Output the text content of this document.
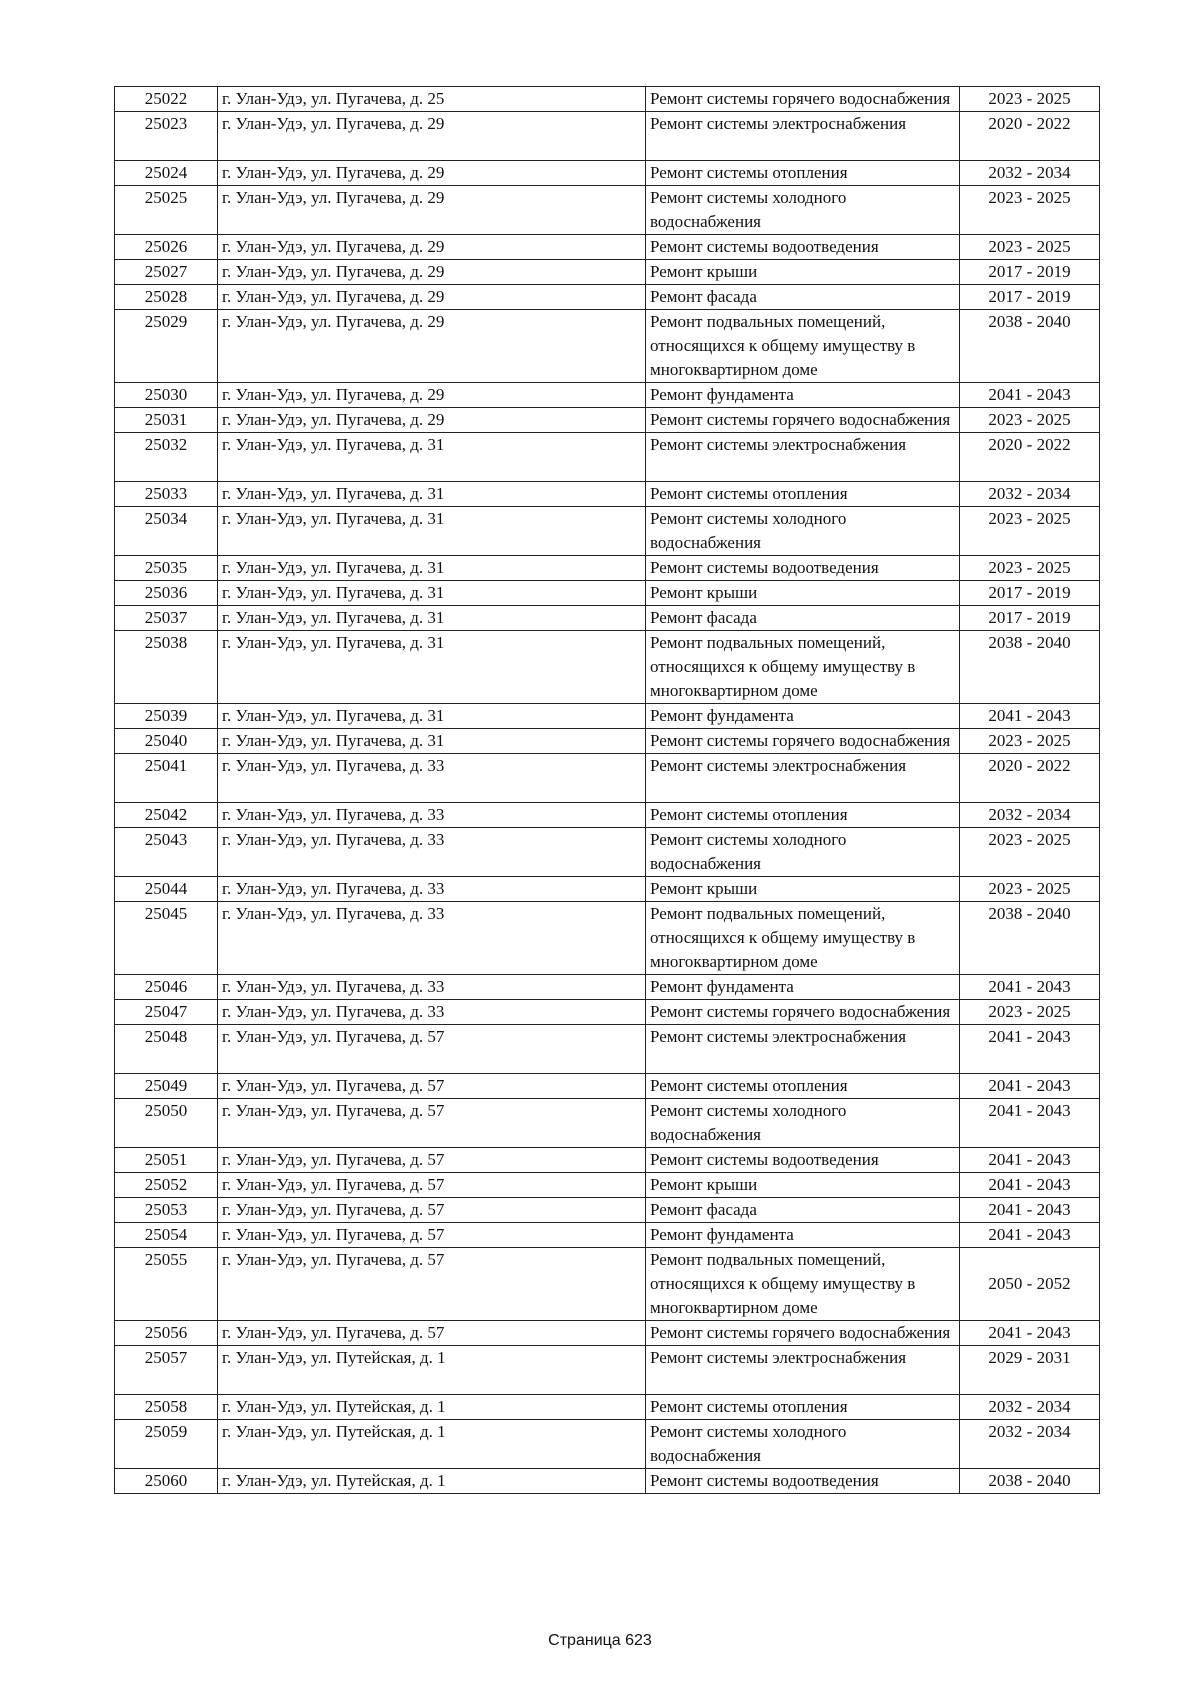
25022	г. Улан-Удэ, ул. Пугачева, д. 25	Ремонт системы горячего водоснабжения	2023 - 2025
25023	г. Улан-Удэ, ул. Пугачева, д. 29	Ремонт системы электроснабжения	2020 - 2022
25024	г. Улан-Удэ, ул. Пугачева, д. 29	Ремонт системы отопления	2032 - 2034
25025	г. Улан-Удэ, ул. Пугачева, д. 29	Ремонт системы холодного водоснабжения	2023 - 2025
25026	г. Улан-Удэ, ул. Пугачева, д. 29	Ремонт системы водоотведения	2023 - 2025
25027	г. Улан-Удэ, ул. Пугачева, д. 29	Ремонт крыши	2017 - 2019
25028	г. Улан-Удэ, ул. Пугачева, д. 29	Ремонт фасада	2017 - 2019
25029	г. Улан-Удэ, ул. Пугачева, д. 29	Ремонт подвальных помещений, относящихся к общему имуществу в многоквартирном доме	2038 - 2040
25030	г. Улан-Удэ, ул. Пугачева, д. 29	Ремонт фундамента	2041 - 2043
25031	г. Улан-Удэ, ул. Пугачева, д. 29	Ремонт системы горячего водоснабжения	2023 - 2025
25032	г. Улан-Удэ, ул. Пугачева, д. 31	Ремонт системы электроснабжения	2020 - 2022
25033	г. Улан-Удэ, ул. Пугачева, д. 31	Ремонт системы отопления	2032 - 2034
25034	г. Улан-Удэ, ул. Пугачева, д. 31	Ремонт системы холодного водоснабжения	2023 - 2025
25035	г. Улан-Удэ, ул. Пугачева, д. 31	Ремонт системы водоотведения	2023 - 2025
25036	г. Улан-Удэ, ул. Пугачева, д. 31	Ремонт крыши	2017 - 2019
25037	г. Улан-Удэ, ул. Пугачева, д. 31	Ремонт фасада	2017 - 2019
25038	г. Улан-Удэ, ул. Пугачева, д. 31	Ремонт подвальных помещений, относящихся к общему имуществу в многоквартирном доме	2038 - 2040
25039	г. Улан-Удэ, ул. Пугачева, д. 31	Ремонт фундамента	2041 - 2043
25040	г. Улан-Удэ, ул. Пугачева, д. 31	Ремонт системы горячего водоснабжения	2023 - 2025
25041	г. Улан-Удэ, ул. Пугачева, д. 33	Ремонт системы электроснабжения	2020 - 2022
25042	г. Улан-Удэ, ул. Пугачева, д. 33	Ремонт системы отопления	2032 - 2034
25043	г. Улан-Удэ, ул. Пугачева, д. 33	Ремонт системы холодного водоснабжения	2023 - 2025
25044	г. Улан-Удэ, ул. Пугачева, д. 33	Ремонт крыши	2023 - 2025
25045	г. Улан-Удэ, ул. Пугачева, д. 33	Ремонт подвальных помещений, относящихся к общему имуществу в многоквартирном доме	2038 - 2040
25046	г. Улан-Удэ, ул. Пугачева, д. 33	Ремонт фундамента	2041 - 2043
25047	г. Улан-Удэ, ул. Пугачева, д. 33	Ремонт системы горячего водоснабжения	2023 - 2025
25048	г. Улан-Удэ, ул. Пугачева, д. 57	Ремонт системы электроснабжения	2041 - 2043
25049	г. Улан-Удэ, ул. Пугачева, д. 57	Ремонт системы отопления	2041 - 2043
25050	г. Улан-Удэ, ул. Пугачева, д. 57	Ремонт системы холодного водоснабжения	2041 - 2043
25051	г. Улан-Удэ, ул. Пугачева, д. 57	Ремонт системы водоотведения	2041 - 2043
25052	г. Улан-Удэ, ул. Пугачева, д. 57	Ремонт крыши	2041 - 2043
25053	г. Улан-Удэ, ул. Пугачева, д. 57	Ремонт фасада	2041 - 2043
25054	г. Улан-Удэ, ул. Пугачева, д. 57	Ремонт фундамента	2041 - 2043
25055	г. Улан-Удэ, ул. Пугачева, д. 57	Ремонт подвальных помещений, относящихся к общему имуществу в многоквартирном доме	2050 - 2052
25056	г. Улан-Удэ, ул. Пугачева, д. 57	Ремонт системы горячего водоснабжения	2041 - 2043
25057	г. Улан-Удэ, ул. Путейская, д. 1	Ремонт системы электроснабжения	2029 - 2031
25058	г. Улан-Удэ, ул. Путейская, д. 1	Ремонт системы отопления	2032 - 2034
25059	г. Улан-Удэ, ул. Путейская, д. 1	Ремонт системы холодного водоснабжения	2032 - 2034
25060	г. Улан-Удэ, ул. Путейская, д. 1	Ремонт системы водоотведения	2038 - 2040
Страница 623
